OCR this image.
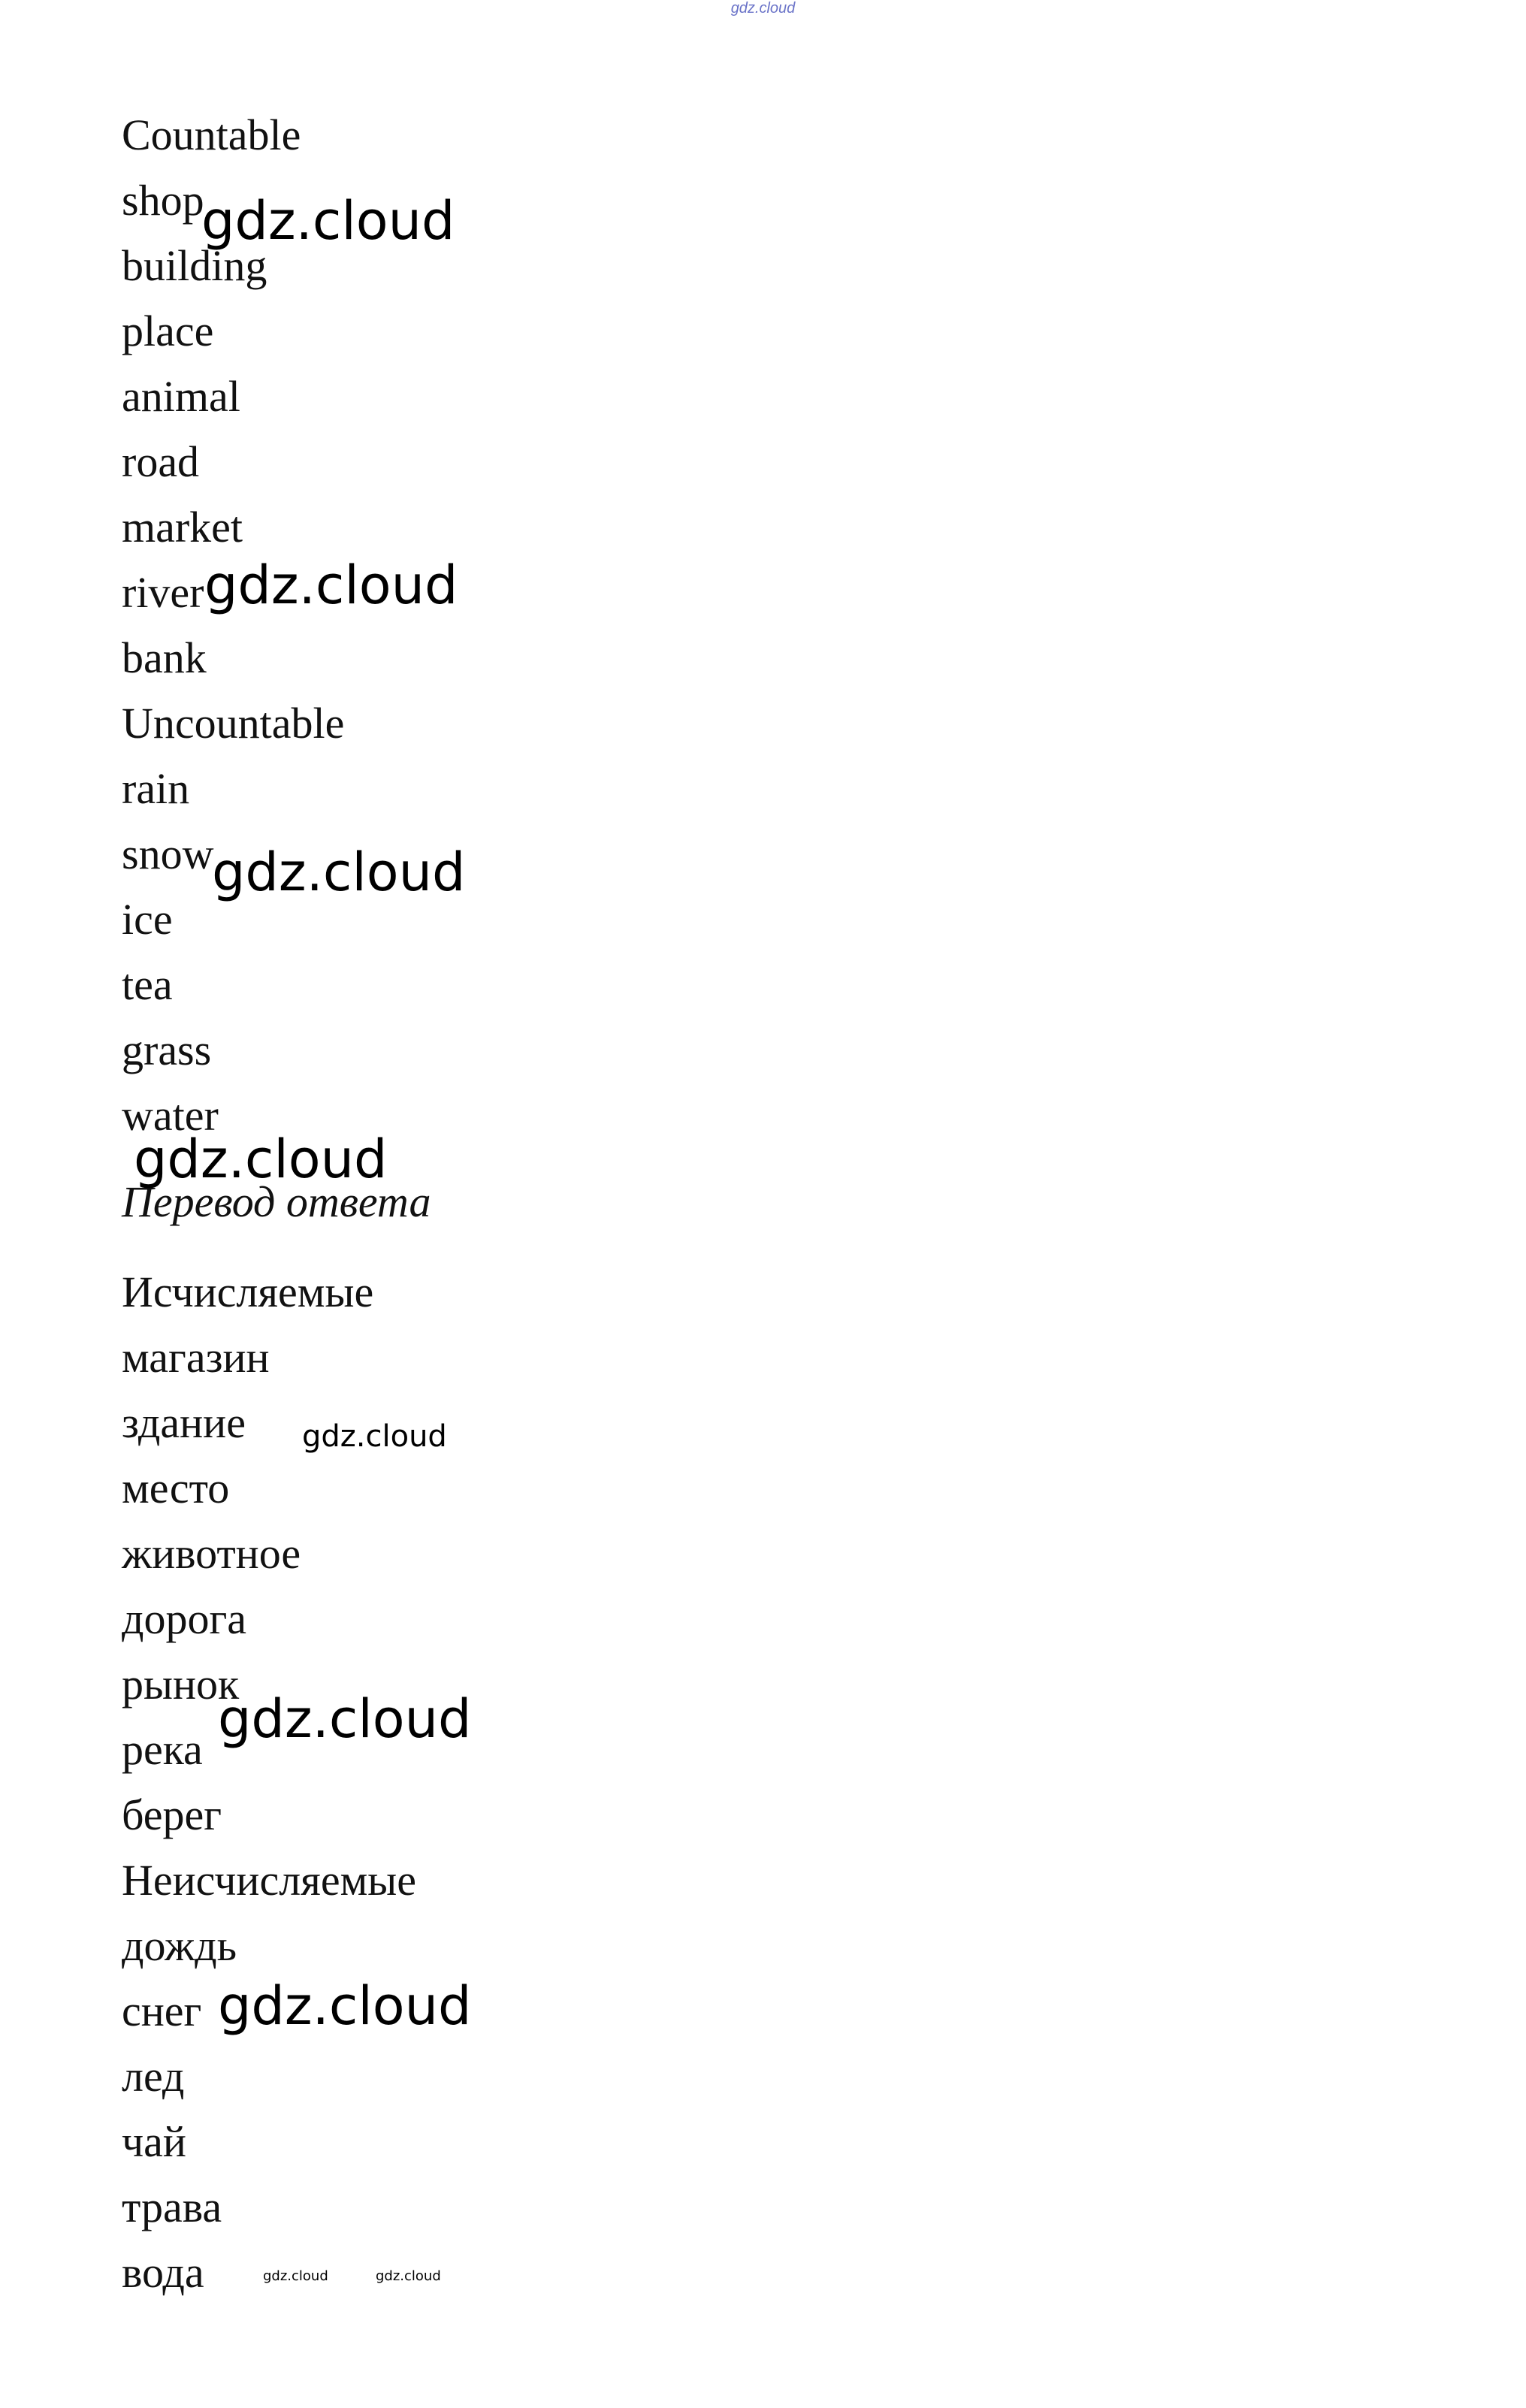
gdz.cloud
Countable
shop
building
place
animal
road
market
river
bank
Uncountable
rain
snow
ice
tea
grass
water
Перевод ответа
Исчисляемые
магазин
здание
место
животное
дорога
рынок
река
берег
Неисчисляемые
дождь
снег
лед
чай
трава
вода
gdz.cloud
gdz.cloud
gdz.cloud
gdz.cloud
gdz.cloud
gdz.cloud
gdz.cloud
gdz.cloud	gdz.cloud
